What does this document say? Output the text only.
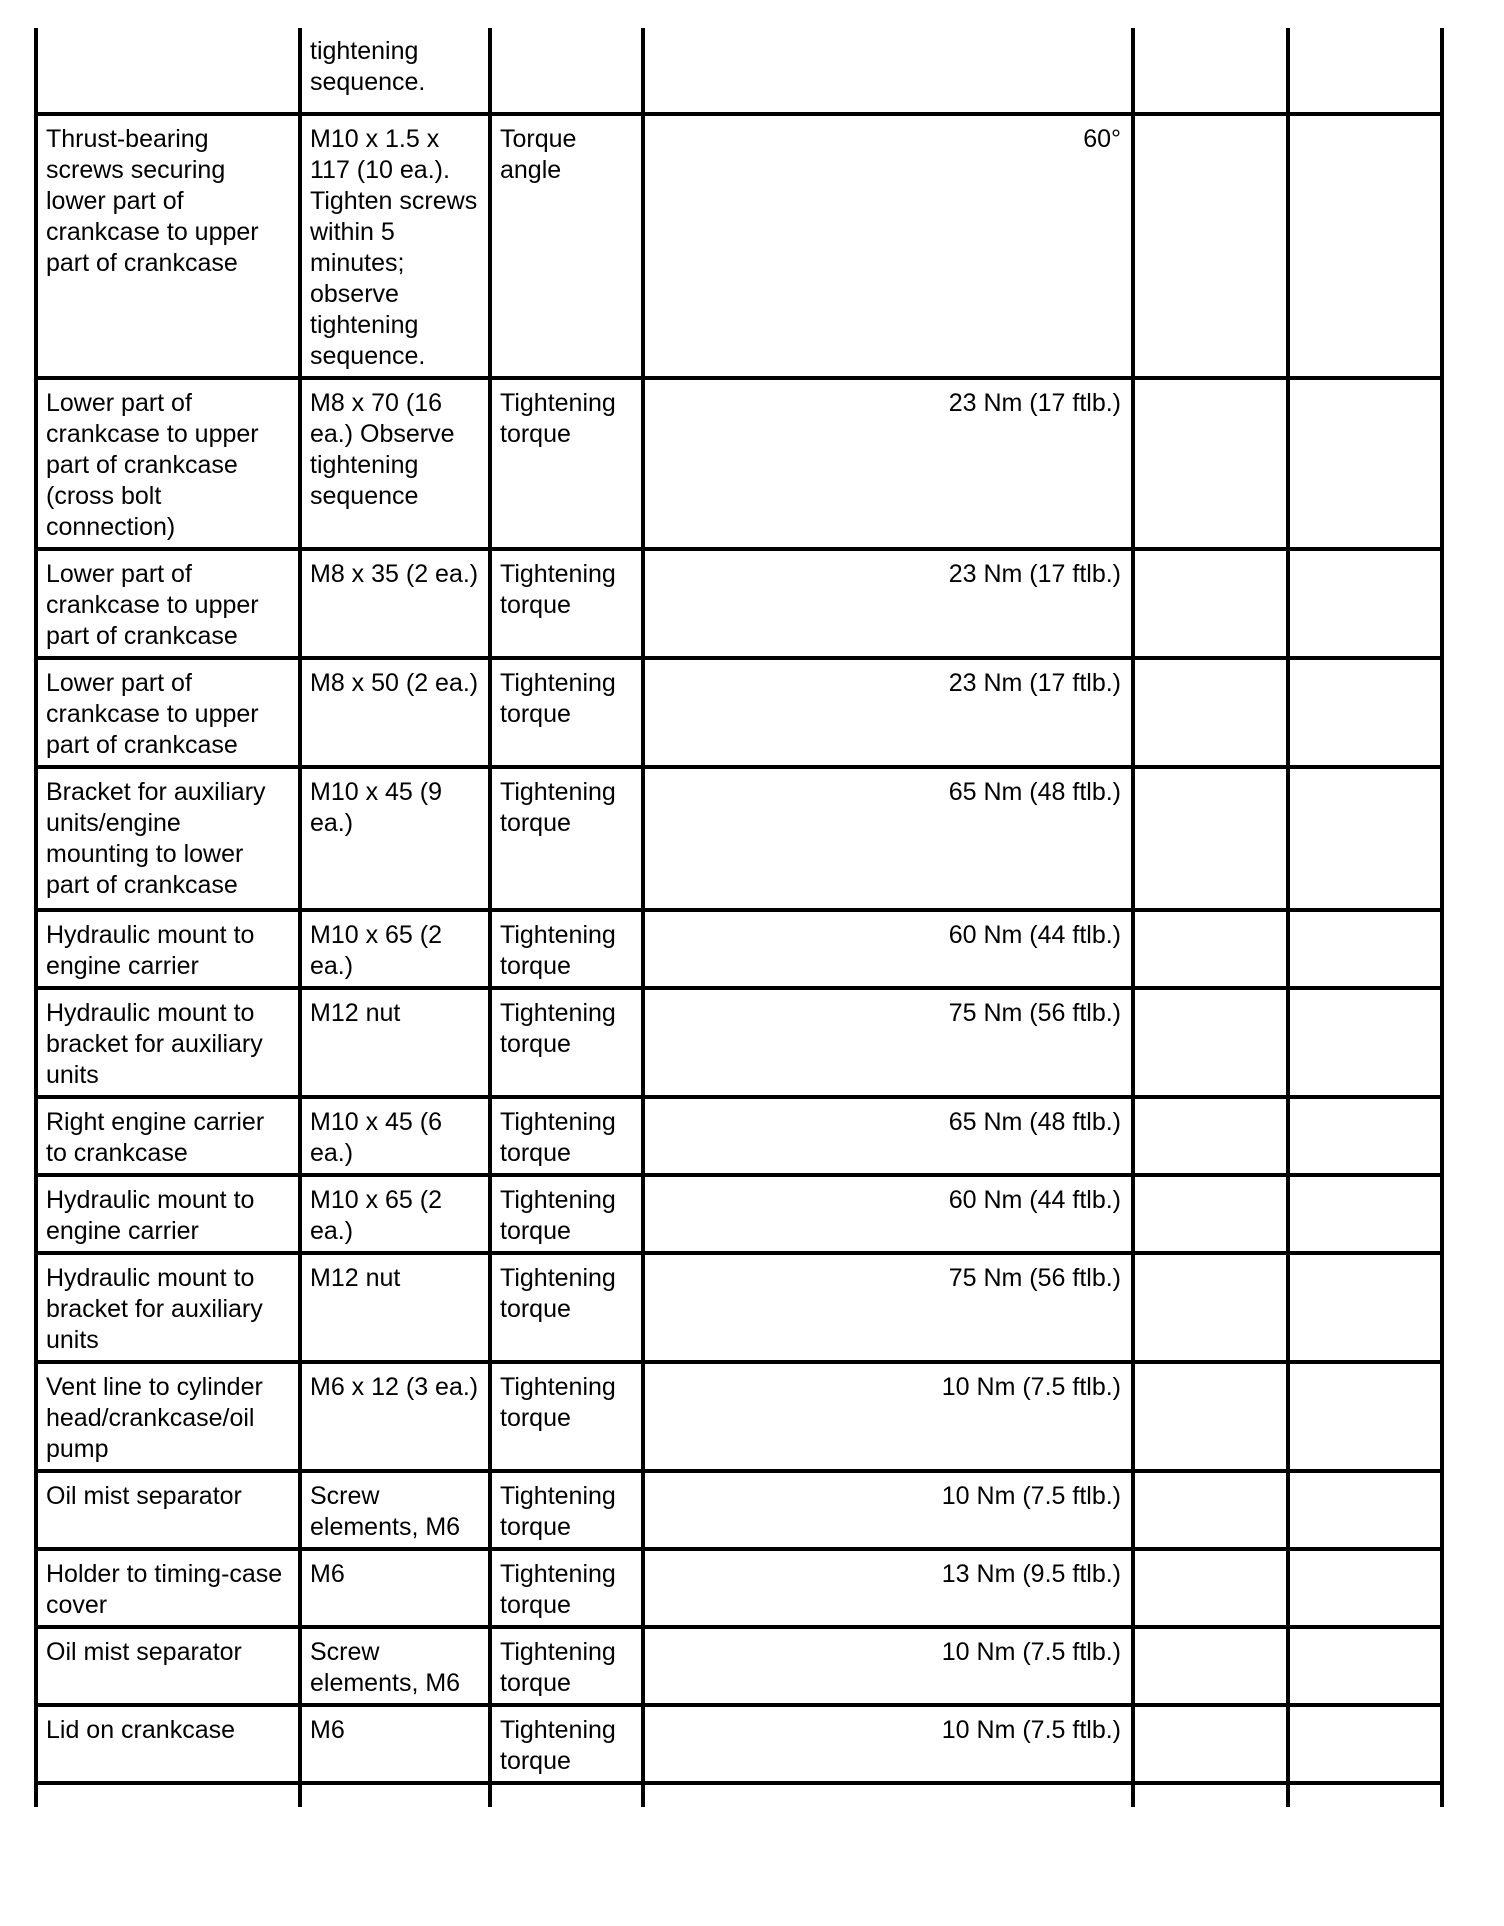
	tightening sequence.				
Thrust-bearing screws securing lower part of crankcase to upper part of crankcase	M10 x 1.5 x 117 (10 ea.). Tighten screws within 5 minutes; observe tightening sequence.	Torque angle	60°		
Lower part of crankcase to upper part of crankcase (cross bolt connection)	M8 x 70 (16 ea.) Observe tightening sequence	Tightening torque	23 Nm (17 ftlb.)		
Lower part of crankcase to upper part of crankcase	M8 x 35 (2 ea.)	Tightening torque	23 Nm (17 ftlb.)		
Lower part of crankcase to upper part of crankcase	M8 x 50 (2 ea.)	Tightening torque	23 Nm (17 ftlb.)		
Bracket for auxiliary units/engine mounting to lower part of crankcase	M10 x 45 (9 ea.)	Tightening torque	65 Nm (48 ftlb.)		
Hydraulic mount to engine carrier	M10 x 65 (2 ea.)	Tightening torque	60 Nm (44 ftlb.)		
Hydraulic mount to bracket for auxiliary units	M12 nut	Tightening torque	75 Nm (56 ftlb.)		
Right engine carrier to crankcase	M10 x 45 (6 ea.)	Tightening torque	65 Nm (48 ftlb.)		
Hydraulic mount to engine carrier	M10 x 65 (2 ea.)	Tightening torque	60 Nm (44 ftlb.)		
Hydraulic mount to bracket for auxiliary units	M12 nut	Tightening torque	75 Nm (56 ftlb.)		
Vent line to cylinder head/crankcase/oil pump	M6 x 12 (3 ea.)	Tightening torque	10 Nm (7.5 ftlb.)		
Oil mist separator	Screw elements, M6	Tightening torque	10 Nm (7.5 ftlb.)		
Holder to timing-case cover	M6	Tightening torque	13 Nm (9.5 ftlb.)		
Oil mist separator	Screw elements, M6	Tightening torque	10 Nm (7.5 ftlb.)		
Lid on crankcase	M6	Tightening torque	10 Nm (7.5 ftlb.)		
